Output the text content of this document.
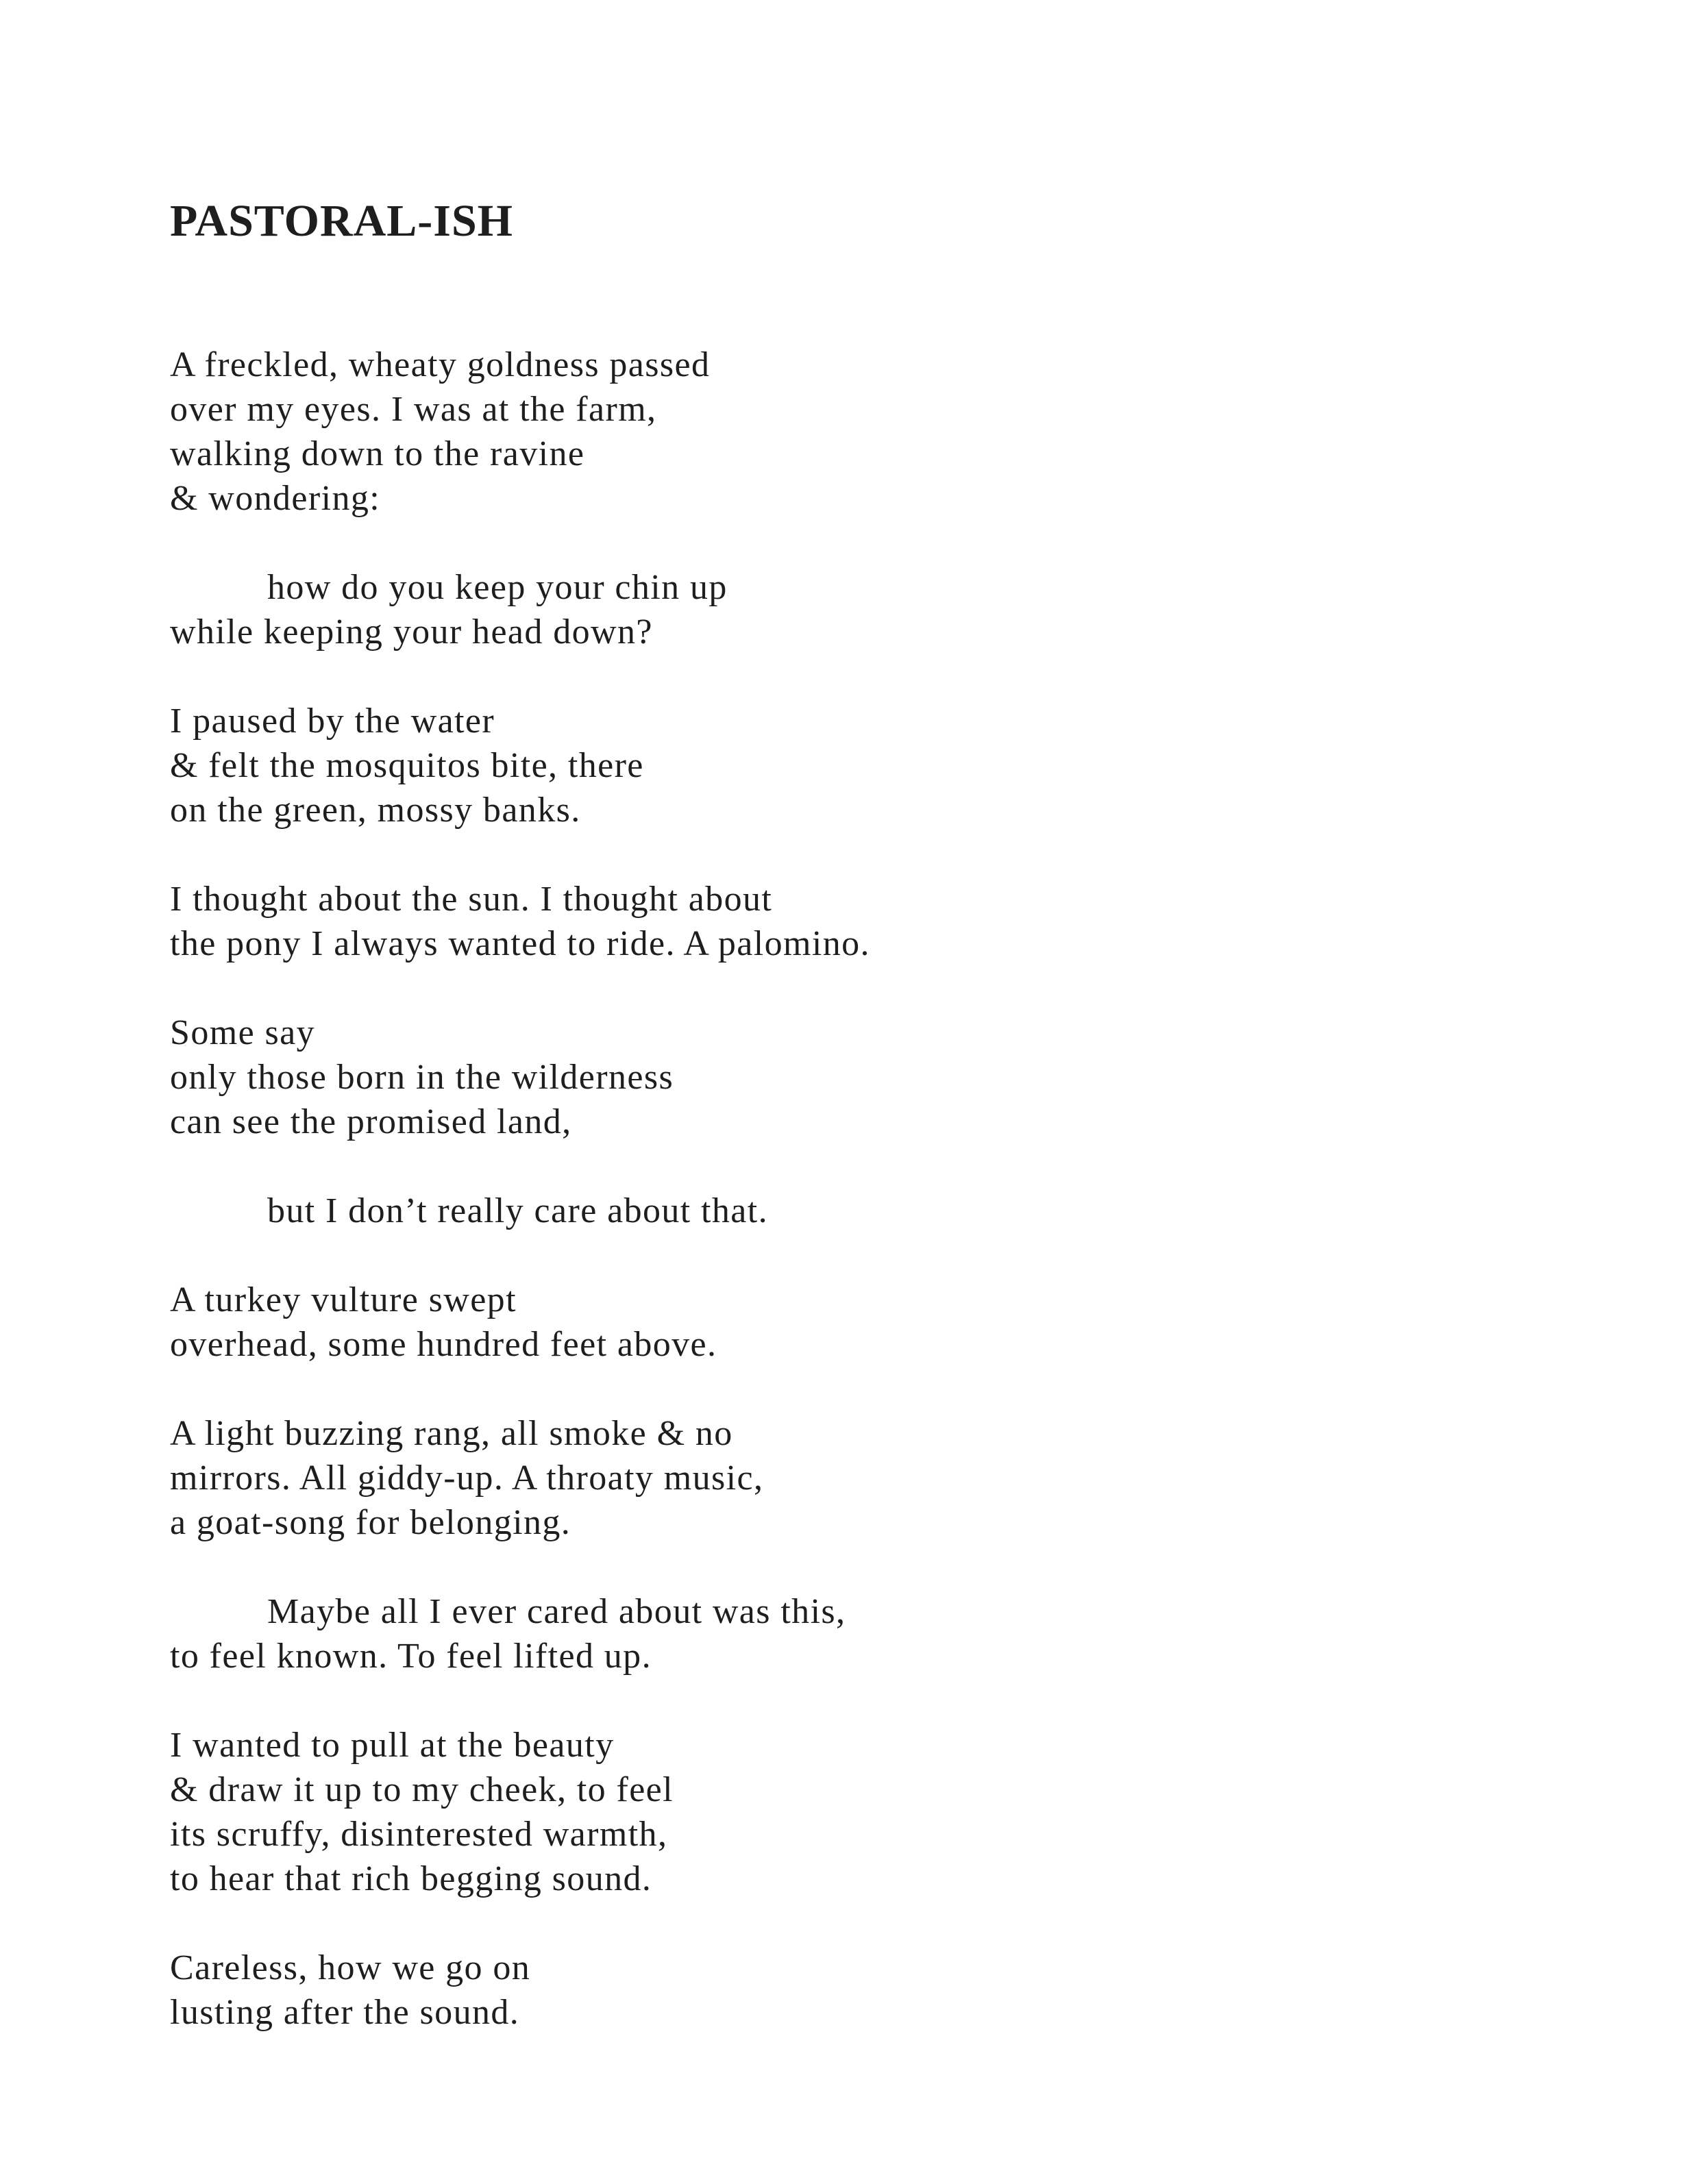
PASTORAL-ISH
A freckled, wheaty goldness passed
over my eyes. I was at the farm,
walking down to the ravine
& wondering:
how do you keep your chin up
while keeping your head down?
I paused by the water
& felt the mosquitos bite, there
on the green, mossy banks.
I thought about the sun. I thought about
the pony I always wanted to ride. A palomino.
Some say
only those born in the wilderness
can see the promised land,
but I don’t really care about that.
A turkey vulture swept
overhead, some hundred feet above.
A light buzzing rang, all smoke & no
mirrors. All giddy-up. A throaty music,
a goat-song for belonging.
Maybe all I ever cared about was this,
to feel known. To feel lifted up.
I wanted to pull at the beauty
& draw it up to my cheek, to feel
its scruffy, disinterested warmth,
to hear that rich begging sound.
Careless, how we go on
lusting after the sound.
